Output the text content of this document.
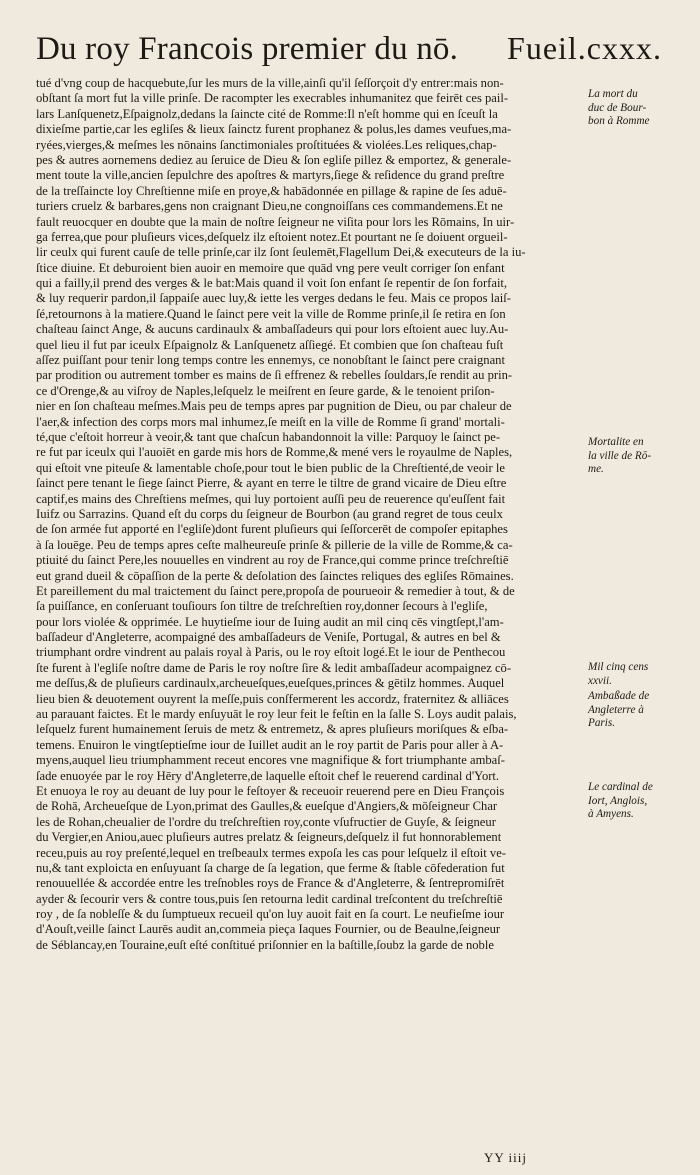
Du roy Francois premier du nō. Fueil.cxxx.
tué d'vng coup de hacquebute,ſur les murs de la ville,ainſi qu'il ſeſſorçoit d'y entrer:mais non-
obſtant ſa mort fut la ville prinſe. De racompter les execrables inhumanitez que feirēt ces pail-
lars Lanſquenetz,Eſpaignolz,dedans la ſaincte cité de Romme:Il n'eſt homme qui en ſceuſt la
dixieſme partie,car les egliſes & lieux ſainctz furent prophanez & polus,les dames veufues,ma-
ryées,vierges,& meſmes les nōnains ſanctimoniales proſtituées & violées.Les reliques,chap-
pes & autres aornemens dediez au ſeruice de Dieu & ſon egliſe pillez & emportez, & generale-
ment toute la ville,ancien ſepulchre des apoſtres & martyrs,ſiege & reſidence du grand preſtre
de la treſſaincte loy Chreſtienne miſe en proye,& habādonnée en pillage & rapine de ſes aduē-
turiers cruelz & barbares,gens non craignant Dieu,ne congnoiſſans ces commandemens.Et ne
fault reuocquer en doubte que la main de noſtre ſeigneur ne viſita pour lors les Rōmains, In uir-
ga ferrea,que pour pluſieurs vices,deſquelz ilz eſtoient notez.Et pourtant ne ſe doiuent orgueil-
lir ceulx qui furent cauſe de telle prinſe,car ilz ſont ſeulemēt,Flagellum Dei,& executeurs de la iu-
ſtice diuine. Et deburoient bien auoir en memoire que quād vng pere veult corriger ſon enfant
qui a failly,il prend des verges & le bat:Mais quand il voit ſon enfant ſe repentir de ſon forfait,
& luy requerir pardon,il ſappaiſe auec luy,& iette les verges dedans le feu. Mais ce propos laiſ-
ſé,retournons à la matiere.Quand le ſainct pere veit la ville de Romme prinſe,il ſe retira en ſon
chaſteau ſainct Ange, & aucuns cardinaulx & ambaſſadeurs qui pour lors eſtoient auec luy.Au-
quel lieu il fut par iceulx Eſpaignolz & Lanſquenetz aſſiegé. Et combien que ſon chaſteau fuſt
aſſez puiſſant pour tenir long temps contre les ennemys, ce nonobſtant le ſainct pere craignant
par prodition ou autrement tomber es mains de ſi effrenez & rebelles ſouldars,ſe rendit au prin-
ce d'Orenge,& au viſroy de Naples,leſquelz le meiſrent en ſeure garde, & le tenoient priſon-
nier en ſon chaſteau meſmes.Mais peu de temps apres par pugnition de Dieu, ou par chaleur de
l'aer,& infection des corps mors mal inhumez,ſe meiſt en la ville de Romme ſi grand' mortali-
té,que c'eſtoit horreur à veoir,& tant que chaſcun habandonnoit la ville: Parquoy le ſainct pe-
re fut par iceulx qui l'auoiēt en garde mis hors de Romme,& mené vers le royaulme de Naples,
qui eſtoit vne piteuſe & lamentable choſe,pour tout le bien public de la Chreſtienté,de veoir le
ſainct pere tenant le ſiege ſainct Pierre, & ayant en terre le tiltre de grand vicaire de Dieu eſtre
captif,es mains des Chreſtiens meſmes, qui luy portoient auſſi peu de reuerence qu'euſſent fait
Iuifz ou Sarrazins. Quand eſt du corps du ſeigneur de Bourbon (au grand regret de tous ceulx
de ſon armée fut apporté en l'egliſe)dont furent pluſieurs qui ſeſſorcerēt de compoſer epitaphes
à ſa louēge. Peu de temps apres ceſte malheureuſe prinſe & pillerie de la ville de Romme,& ca-
ptiuité du ſainct Pere,les nouuelles en vindrent au roy de France,qui comme prince treſchreſtiē
eut grand dueil & cōpaſſion de la perte & deſolation des ſainctes reliques des egliſes Rōmaines.
Et pareillement du mal traictement du ſainct pere,propoſa de pourueoir & remedier à tout, & de
ſa puiſſance, en conſeruant touſiours ſon tiltre de treſchreſtien roy,donner ſecours à l'egliſe,
pour lors violée & opprimée. Le huytieſme iour de Iuing audit an mil cinq cēs vingtſept,l'am-
baſſadeur d'Angleterre, acompaigné des ambaſſadeurs de Veniſe, Portugal, & autres en bel &
triumphant ordre vindrent au palais royal à Paris, ou le roy eſtoit logé.Et le iour de Penthecou
ſte furent à l'egliſe noſtre dame de Paris le roy noſtre ſire & ledit ambaſſadeur acompaignez cō-
me deſſus,& de pluſieurs cardinaulx,archeueſques,eueſques,princes & gētilz hommes. Auquel
lieu bien & deuotement ouyrent la meſſe,puis conſfermerent les accordz, fraternitez & alliāces
au parauant faictes. Et le mardy enſuyuāt le roy leur feit le feſtin en la ſalle S. Loys audit palais,
leſquelz furent humainement ſeruis de metz & entremetz, & apres pluſieurs moriſques & eſba-
temens. Enuiron le vingtſeptieſme iour de Iuillet audit an le roy partit de Paris pour aller à A-
myens,auquel lieu triumphamment receut encores vne magnifique & fort triumphante ambaſ-
ſade enuoyée par le roy Hēry d'Angleterre,de laquelle eſtoit chef le reuerend cardinal d'Yort.
Et enuoya le roy au deuant de luy pour le feſtoyer & receuoir reuerend pere en Dieu François
de Rohā, Archeueſque de Lyon,primat des Gaulles,& eueſque d'Angiers,& mōſeigneur Char
les de Rohan,cheualier de l'ordre du treſchreſtien roy,conte vſufructier de Guyſe, & ſeigneur
du Vergier,en Aniou,auec pluſieurs autres prelatz & ſeigneurs,deſquelz il fut honnorablement
receu,puis au roy preſenté,lequel en treſbeaulx termes expoſa les cas pour leſquelz il eſtoit ve-
nu,& tant exploicta en enſuyuant ſa charge de ſa legation, que ferme & ſtable cōfederation fut
renouuellée & accordée entre les treſnobles roys de France & d'Angleterre, & ſentrepromiſrēt
ayder & ſecourir vers & contre tous,puis ſen retourna ledit cardinal treſcontent du treſchreſtiē
roy , de ſa nobleſſe & du ſumptueux recueil qu'on luy auoit fait en ſa court. Le neufieſme iour
d'Aouſt,veille ſainct Laurēs audit an,commeia pieça Iaques Fournier, ou de Beaulne,ſeigneur
de Séblancay,en Touraine,euſt eſté conſtitué priſonnier en la baſtille,ſoubz la garde de noble
La mort du
duc de Bour-
bon à Romme
Mortalite en
la ville de Rō-
me.
Mil cinq cens
xxvii.
Ambaßade de
Angleterre à
Paris.
Le cardinal de
Iort, Anglois,
à Amyens.
YY iiij
